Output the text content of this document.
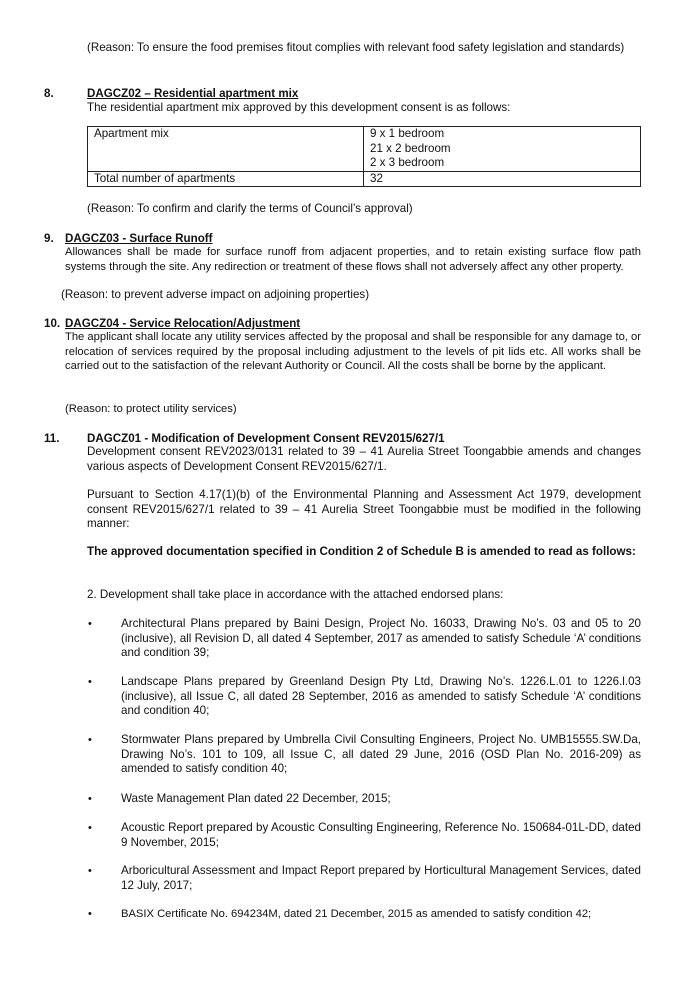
(Reason: To ensure the food premises fitout complies with relevant food safety legislation and standards)

8.	DAGCZ02 – Residential apartment mix
The residential apartment mix approved by this development consent is as follows:
Apartment mix	9 x 1 bedroom
21 x 2 bedroom
2 x 3 bedroom

Total number of apartments	32
(Reason: To confirm and clarify the terms of Council’s approval)
9. DAGCZ03 - Surface Runoff

Allowances shall be made for surface runoff from adjacent properties, and to retain existing surface flow path systems through the site. Any redirection or treatment of these flows shall not adversely affect any other property.

(Reason: to prevent adverse impact on adjoining properties)
10. DAGCZ04 - Service Relocation/Adjustment

The applicant shall locate any utility services affected by the proposal and shall be responsible for any damage to, or relocation of services required by the proposal including adjustment to the levels of pit lids etc. All works shall be carried out to the satisfaction of the relevant Authority or Council. All the costs shall be borne by the applicant.

(Reason: to protect utility services)
11. DAGCZ01 - Modification of Development Consent REV2015/627/1

Development consent REV2023/0131 related to 39 – 41 Aurelia Street Toongabbie amends and changes various aspects of Development Consent REV2015/627/1.

Pursuant to Section 4.17(1)(b) of the Environmental Planning and Assessment Act 1979, development consent REV2015/627/1 related to 39 – 41 Aurelia Street Toongabbie must be modified in the following manner:

The approved documentation specified in Condition 2 of Schedule B is amended to read as follows:

2. Development shall take place in accordance with the attached endorsed plans:
•	Architectural Plans prepared by Baini Design, Project No. 16033, Drawing No’s. 03 and 05 to 20 (inclusive), all Revision D, all dated 4 September, 2017 as amended to satisfy Schedule ‘A’ conditions and condition 39;

•	Landscape Plans prepared by Greenland Design Pty Ltd, Drawing No’s. 1226.L.01 to 1226.l.03 (inclusive), all Issue C, all dated 28 September, 2016 as amended to satisfy Schedule ‘A’ conditions and condition 40;

•	Stormwater Plans prepared by Umbrella Civil Consulting Engineers, Project No. UMB15555.SW.Da, Drawing No’s. 101 to 109, all Issue C, all dated 29 June, 2016 (OSD Plan No. 2016-209) as amended to satisfy condition 40;

•	Waste Management Plan dated 22 December, 2015;

•	Acoustic Report prepared by Acoustic Consulting Engineering, Reference No. 150684-01L-DD, dated 9 November, 2015;

•	Arboricultural Assessment and Impact Report prepared by Horticultural Management Services, dated 12 July, 2017;

•	BASIX Certificate No. 694234M, dated 21 December, 2015 as amended to satisfy condition 42;
